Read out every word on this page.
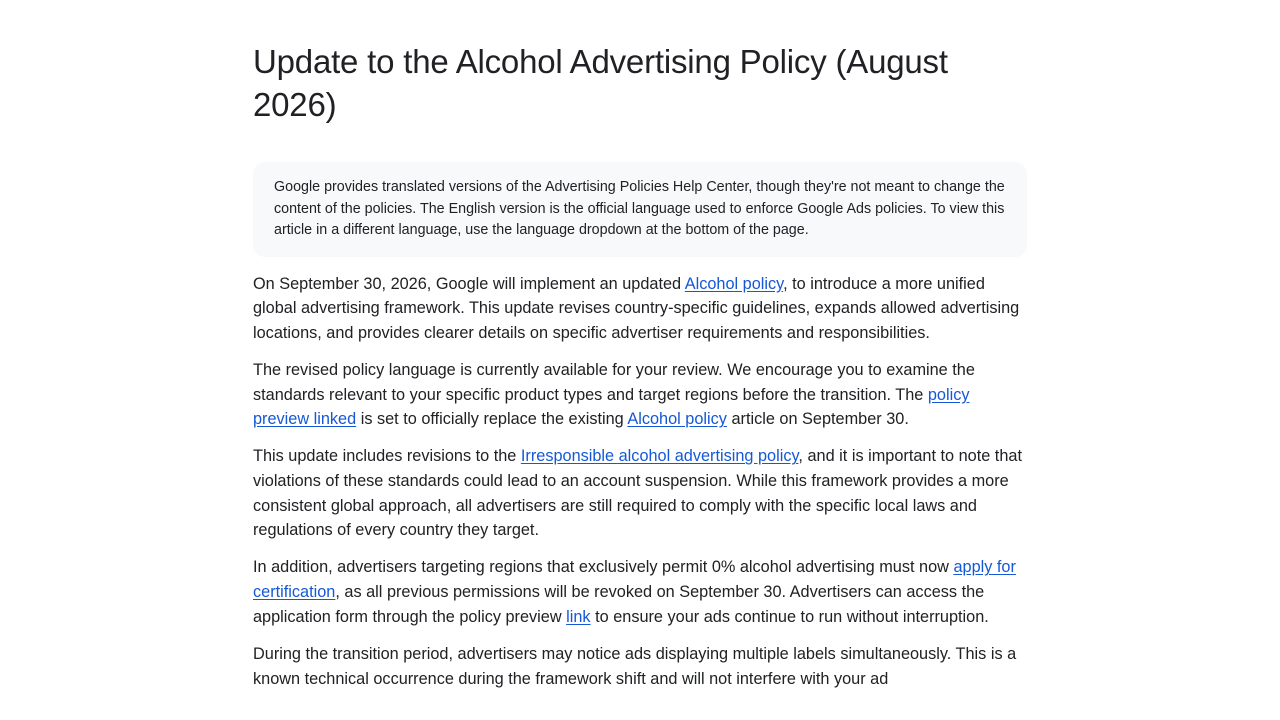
Update to the Alcohol Advertising Policy (August 2026)
Google provides translated versions of the Advertising Policies Help Center, though they're not meant to change the content of the policies. The English version is the official language used to enforce Google Ads policies. To view this article in a different language, use the language dropdown at the bottom of the page.

On September 30, 2026, Google will implement an updated Alcohol policy, to introduce a more unified global advertising framework. This update revises country-specific guidelines, expands allowed advertising locations, and provides clearer details on specific advertiser requirements and responsibilities.

The revised policy language is currently available for your review. We encourage you to examine the standards relevant to your specific product types and target regions before the transition. The policy preview linked is set to officially replace the existing Alcohol policy article on September 30.

This update includes revisions to the Irresponsible alcohol advertising policy, and it is important to note that violations of these standards could lead to an account suspension. While this framework provides a more consistent global approach, all advertisers are still required to comply with the specific local laws and regulations of every country they target.

In addition, advertisers targeting regions that exclusively permit 0% alcohol advertising must now apply for certification, as all previous permissions will be revoked on September 30. Advertisers can access the application form through the policy preview link to ensure your ads continue to run without interruption.

During the transition period, advertisers may notice ads displaying multiple labels simultaneously. This is a known technical occurrence during the framework shift and will not interfere with your ad
